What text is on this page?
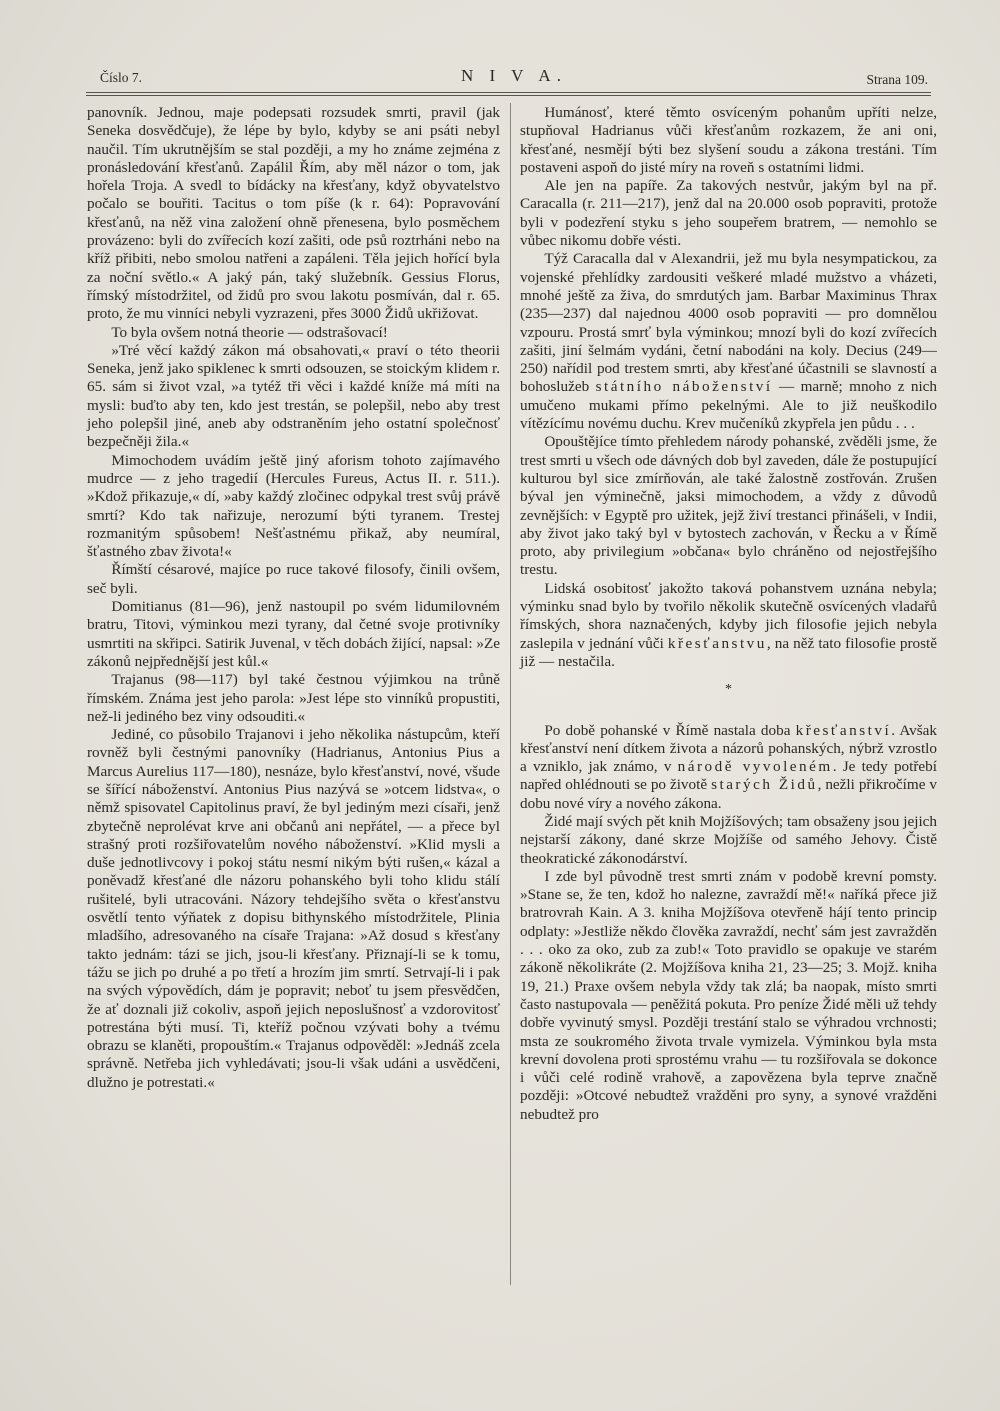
Číslo 7.	N I V A.	Strana 109.

panovník. Jednou, maje podepsati rozsudek smrti, pravil (jak Seneka dosvědčuje), že lépe by bylo, kdyby se ani psáti nebyl naučil. Tím ukrutnějším se stal později, a my ho známe zejména z pronásledování křesťanů. Zapálil Řím, aby měl názor o tom, jak hořela Troja. A svedl to bídácky na křesťany, když obyvatelstvo počalo se bouřiti. Tacitus o tom píše (k r. 64): Popravování křesťanů, na něž vina založení ohně přenesena, bylo posměchem provázeno: byli do zvířecích kozí zašiti, ode psů roztrháni nebo na kříž přibiti, nebo smolou natřeni a zapáleni. Těla jejich hořící byla za noční světlo.« A jaký pán, taký služebník. Gessius Florus, římský místodržitel, od židů pro svou lakotu posmíván, dal r. 65. proto, že mu vinníci nebyli vyzrazeni, přes 3000 Židů ukřižovat.

To byla ovšem notná theorie — odstrašovací!

»Tré věcí každý zákon má obsahovati,« praví o této theorii Seneka, jenž jako spiklenec k smrti odsouzen, se stoickým klidem r. 65. sám si život vzal, »a tytéž tři věci i každé kníže má míti na mysli: buďto aby ten, kdo jest trestán, se polepšil, nebo aby trest jeho polepšil jiné, aneb aby odstraněním jeho ostatní společnosť bezpečněji žila.«

Mimochodem uvádím ještě jiný aforism tohoto zajímavého mudrce — z jeho tragedií (Hercules Fureus, Actus II. r. 511.). »Kdož přikazuje,« dí, »aby každý zločinec odpykal trest svůj právě smrtí? Kdo tak nařizuje, nerozumí býti tyranem. Trestej rozmanitým spůsobem! Nešťastnému přikaž, aby neumíral, šťastného zbav života!«

Římští césarové, majíce po ruce takové filosofy, činili ovšem, seč byli.

Domitianus (81—96), jenž nastoupil po svém lidumilovném bratru, Titovi, výminkou mezi tyrany, dal četné svoje protivníky usmrtiti na skřipci. Satirik Juvenal, v těch dobách žijící, napsal: »Ze zákonů nejpřednější jest kůl.«

Trajanus (98—117) byl také čestnou výjimkou na trůně římském. Známa jest jeho parola: »Jest lépe sto vinníků propustiti, než-li jediného bez viny odsouditi.«

Jediné, co působilo Trajanovi i jeho několika nástupcům, kteří rovněž byli čestnými panovníky (Hadrianus, Antonius Pius a Marcus Aurelius 117—180), nesnáze, bylo křesťanství, nové, všude se šířící náboženství. Antonius Pius nazývá se »otcem lidstva«, o němž spisovatel Capitolinus praví, že byl jediným mezi císaři, jenž zbytečně neprolévat krve ani občanů ani nepřátel, — a přece byl strašný proti rozšiřovatelům nového náboženství. »Klid mysli a duše jednotlivcovy i pokoj státu nesmí nikým býti rušen,« kázal a poněvadž křesťané dle názoru pohanského byli toho klidu stálí rušitelé, byli utracováni. Názory tehdejšího světa o křesťanstvu osvětlí tento výňatek z dopisu bithynského místodržitele, Plinia mladšího, adresovaného na císaře Trajana: »Až dosud s křesťany takto jednám: tázi se jich, jsou-li křesťany. Přiznají-li se k tomu, tážu se jich po druhé a po třetí a hrozím jim smrtí. Setrvají-li i pak na svých výpovědích, dám je popravit; neboť tu jsem přesvědčen, že ať doznali již cokoliv, aspoň jejich neposlušnosť a vzdorovitosť potrestána býti musí. Ti, kteříž počnou vzývati bohy a tvému obrazu se klaněti, propouštím.« Trajanus odpověděl: »Jednáš zcela správně. Netřeba jich vyhledávati; jsou-li však udáni a usvědčeni, dlužno je potrestati.«

Humánosť, které těmto osvíceným pohanům upříti nelze, stupňoval Hadrianus vůči křesťanům rozkazem, že ani oni, křesťané, nesmějí býti bez slyšení soudu a zákona trestáni. Tím postaveni aspoň do jisté míry na roveň s ostatními lidmi.

Ale jen na papíře. Za takových nestvůr, jakým byl na př. Caracalla (r. 211—217), jenž dal na 20.000 osob popraviti, protože byli v podezření styku s jeho soupeřem bratrem, — nemohlo se vůbec nikomu dobře vésti.

Týž Caracalla dal v Alexandrii, jež mu byla nesympatickou, za vojenské přehlídky zardousiti veškeré mladé mužstvo a vházeti, mnohé ještě za živa, do smrdutých jam. Barbar Maximinus Thrax (235—237) dal najednou 4000 osob popraviti — pro domnělou vzpouru. Prostá smrť byla výminkou; mnozí byli do kozí zvířecích zašiti, jiní šelmám vydáni, četní nabodáni na koly. Decius (249—250) nařídil pod trestem smrti, aby křesťané účastnili se slavností a bohoslužeb státního náboženství — marně; mnoho z nich umučeno mukami přímo pekelnými. Ale to již neuškodilo vítězícímu novému duchu. Krev mučeníků zkypřela jen půdu . . .

Opouštějíce tímto přehledem národy pohanské, zvěděli jsme, že trest smrti u všech ode dávných dob byl zaveden, dále že postupující kulturou byl sice zmírňován, ale také žalostně zostřován. Zrušen býval jen výminečně, jaksi mimochodem, a vždy z důvodů zevnějších: v Egyptě pro užitek, jejž živí trestanci přinášeli, v Indii, aby život jako taký byl v bytostech zachován, v Řecku a v Římě proto, aby privilegium »občana« bylo chráněno od nejostřejšího trestu.

Lidská osobitosť jakožto taková pohanstvem uznána nebyla; výminku snad bylo by tvořilo několik skutečně osvícených vladařů římských, shora naznačených, kdyby jich filosofie jejich nebyla zaslepila v jednání vůči křesťanstvu, na něž tato filosofie prostě již — nestačila.

*

Po době pohanské v Římě nastala doba křesťanství. Avšak křesťanství není dítkem života a názorů pohanských, nýbrž vzrostlo a vzniklo, jak známo, v národě vyvoleném. Je tedy potřebí napřed ohlédnouti se po životě starých Židů, nežli přikročíme v dobu nové víry a nového zákona.

Židé mají svých pět knih Mojžíšových; tam obsaženy jsou jejich nejstarší zákony, dané skrze Mojžíše od samého Jehovy. Čistě theokratické zákonodárství.

I zde byl původně trest smrti znám v podobě krevní pomsty. »Stane se, že ten, kdož ho nalezne, zavraždí mě!« naříká přece již bratrovrah Kain. A 3. kniha Mojžíšova otevřeně hájí tento princip odplaty: »Jestliže někdo člověka zavraždí, nechť sám jest zavražděn . . . oko za oko, zub za zub!« Toto pravidlo se opakuje ve starém zákoně několikráte (2. Mojžíšova kniha 21, 23—25; 3. Mojž. kniha 19, 21.) Praxe ovšem nebyla vždy tak zlá; ba naopak, místo smrti často nastupovala — peněžitá pokuta. Pro peníze Židé měli už tehdy dobře vyvinutý smysl. Později trestání stalo se výhradou vrchnosti; msta ze soukromého života trvale vymizela. Výminkou byla msta krevní dovolena proti sprostému vrahu — tu rozšiřovala se dokonce i vůči celé rodině vrahově, a zapovězena byla teprve značně později: »Otcové nebudtež vražděni pro syny, a synové vražděni nebudtež pro
